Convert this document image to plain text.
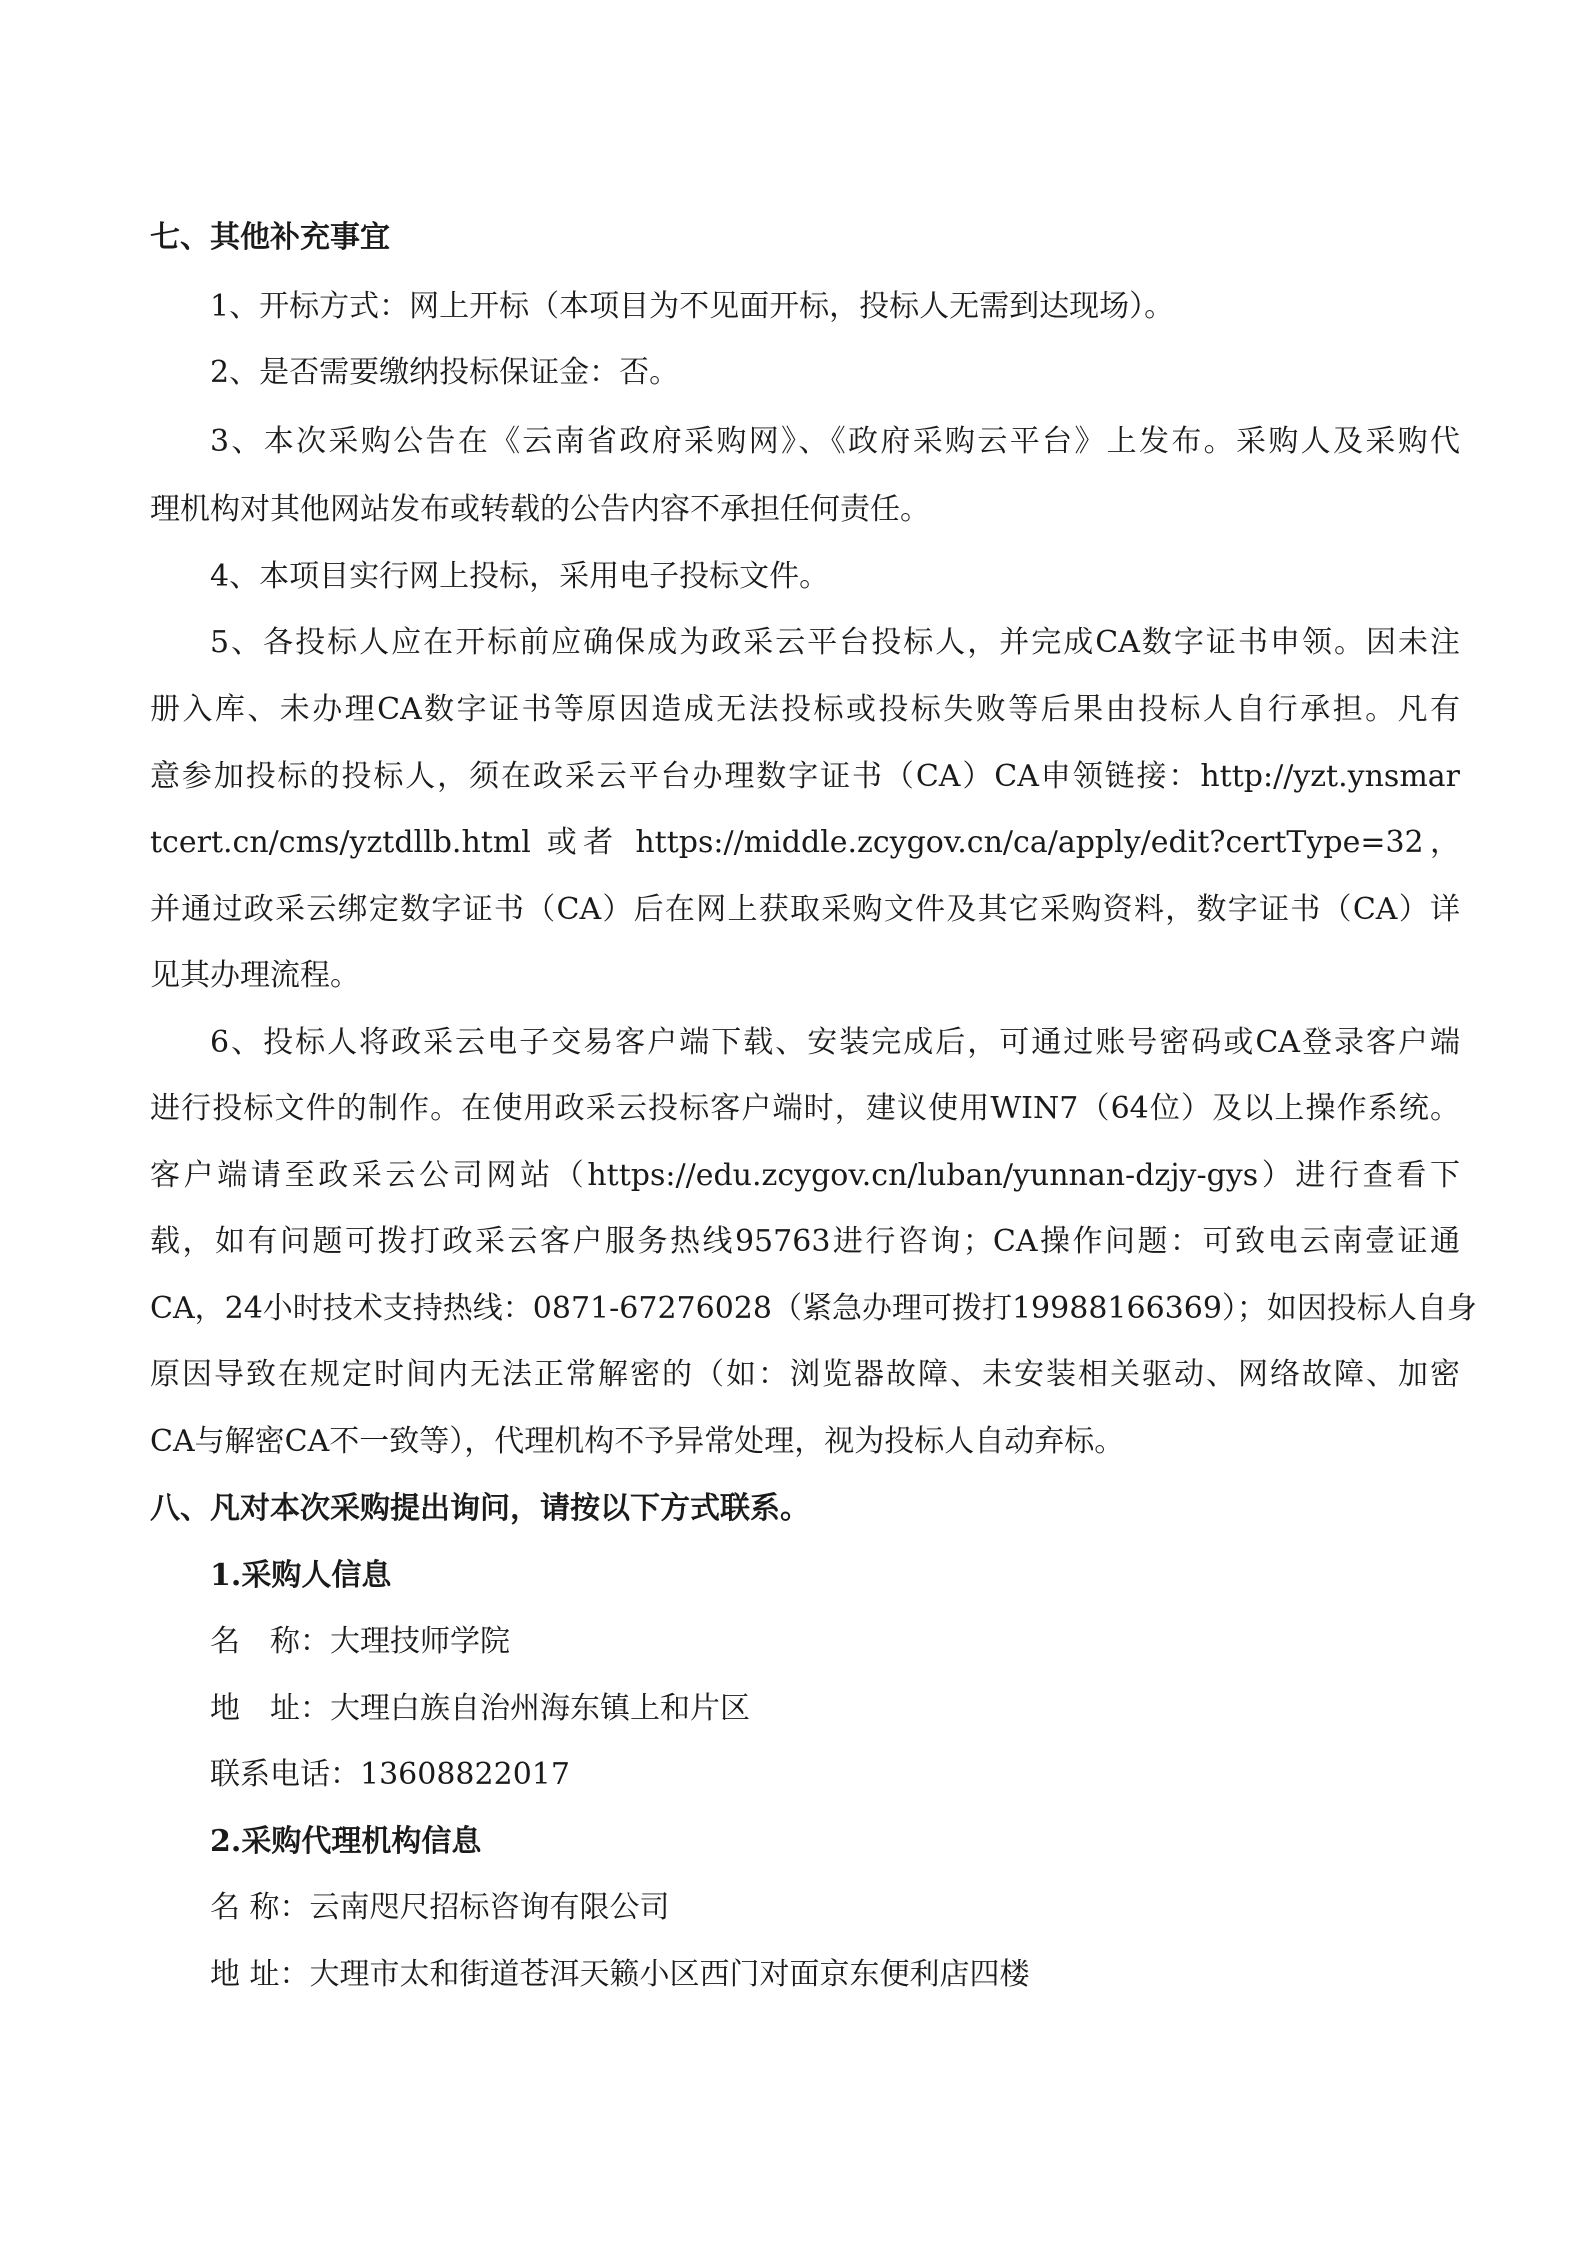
七、其他补充事宜
1、开标方式：网上开标（本项目为不见面开标，投标人无需到达现场）。
2、是否需要缴纳投标保证金：否。
3、本次采购公告在《云南省政府采购网》、《政府采购云平台》上发布。采购人及采购代
理机构对其他网站发布或转载的公告内容不承担任何责任。
4、本项目实行网上投标，采用电子投标文件。
5、各投标人应在开标前应确保成为政采云平台投标人，并完成CA数字证书申领。因未注
册入库、未办理CA数字证书等原因造成无法投标或投标失败等后果由投标人自行承担。凡有
意参加投标的投标人，须在政采云平台办理数字证书（CA）CA申领链接：http://yzt.ynsmar
tcert.cn/cms/yztdllb.html 或者 https://middle.zcygov.cn/ca/apply/edit?certType=32，
并通过政采云绑定数字证书（CA）后在网上获取采购文件及其它采购资料，数字证书（CA）详
见其办理流程。
6、投标人将政采云电子交易客户端下载、安装完成后，可通过账号密码或CA登录客户端
进行投标文件的制作。在使用政采云投标客户端时，建议使用WIN7（64位）及以上操作系统。
客户端请至政采云公司网站（https://edu.zcygov.cn/luban/yunnan-dzjy-gys）进行查看下
载，如有问题可拨打政采云客户服务热线95763进行咨询；CA操作问题：可致电云南壹证通
CA，24小时技术支持热线：0871-67276028（紧急办理可拨打19988166369）；如因投标人自身
原因导致在规定时间内无法正常解密的（如：浏览器故障、未安装相关驱动、网络故障、加密
CA与解密CA不一致等），代理机构不予异常处理，视为投标人自动弃标。
八、凡对本次采购提出询问，请按以下方式联系。
1.采购人信息
名　称：大理技师学院
地　址：大理白族自治州海东镇上和片区
联系电话：13608822017
2.采购代理机构信息
名 称：云南咫尺招标咨询有限公司
地 址：大理市太和街道苍洱天籁小区西门对面京东便利店四楼
